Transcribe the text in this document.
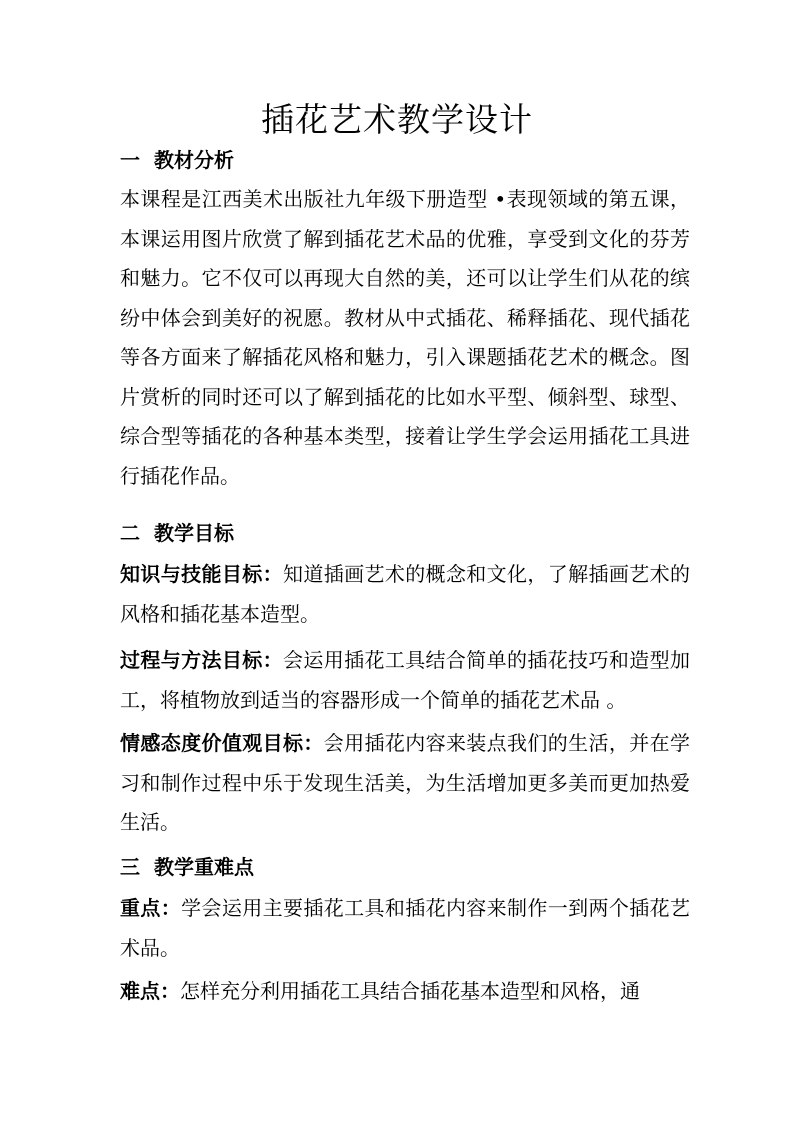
插花艺术教学设计
一 教材分析

本课程是江西美术出版社九年级下册造型 •表现领域的第五课，本课运用图片欣赏了解到插花艺术品的优雅，享受到文化的芬芳和魅力。它不仅可以再现大自然的美，还可以让学生们从花的缤纷中体会到美好的祝愿。教材从中式插花、稀释插花、现代插花等各方面来了解插花风格和魅力，引入课题插花艺术的概念。图片赏析的同时还可以了解到插花的比如水平型、倾斜型、球型、综合型等插花的各种基本类型，接着让学生学会运用插花工具进行插花作品。

二 教学目标

知识与技能目标：知道插画艺术的概念和文化，了解插画艺术的风格和插花基本造型。

过程与方法目标：会运用插花工具结合简单的插花技巧和造型加工，将植物放到适当的容器形成一个简单的插花艺术品 。

情感态度价值观目标：会用插花内容来装点我们的生活，并在学习和制作过程中乐于发现生活美，为生活增加更多美而更加热爱生活。

三 教学重难点

重点：学会运用主要插花工具和插花内容来制作一到两个插花艺术品。

难点：怎样充分利用插花工具结合插花基本造型和风格，通
